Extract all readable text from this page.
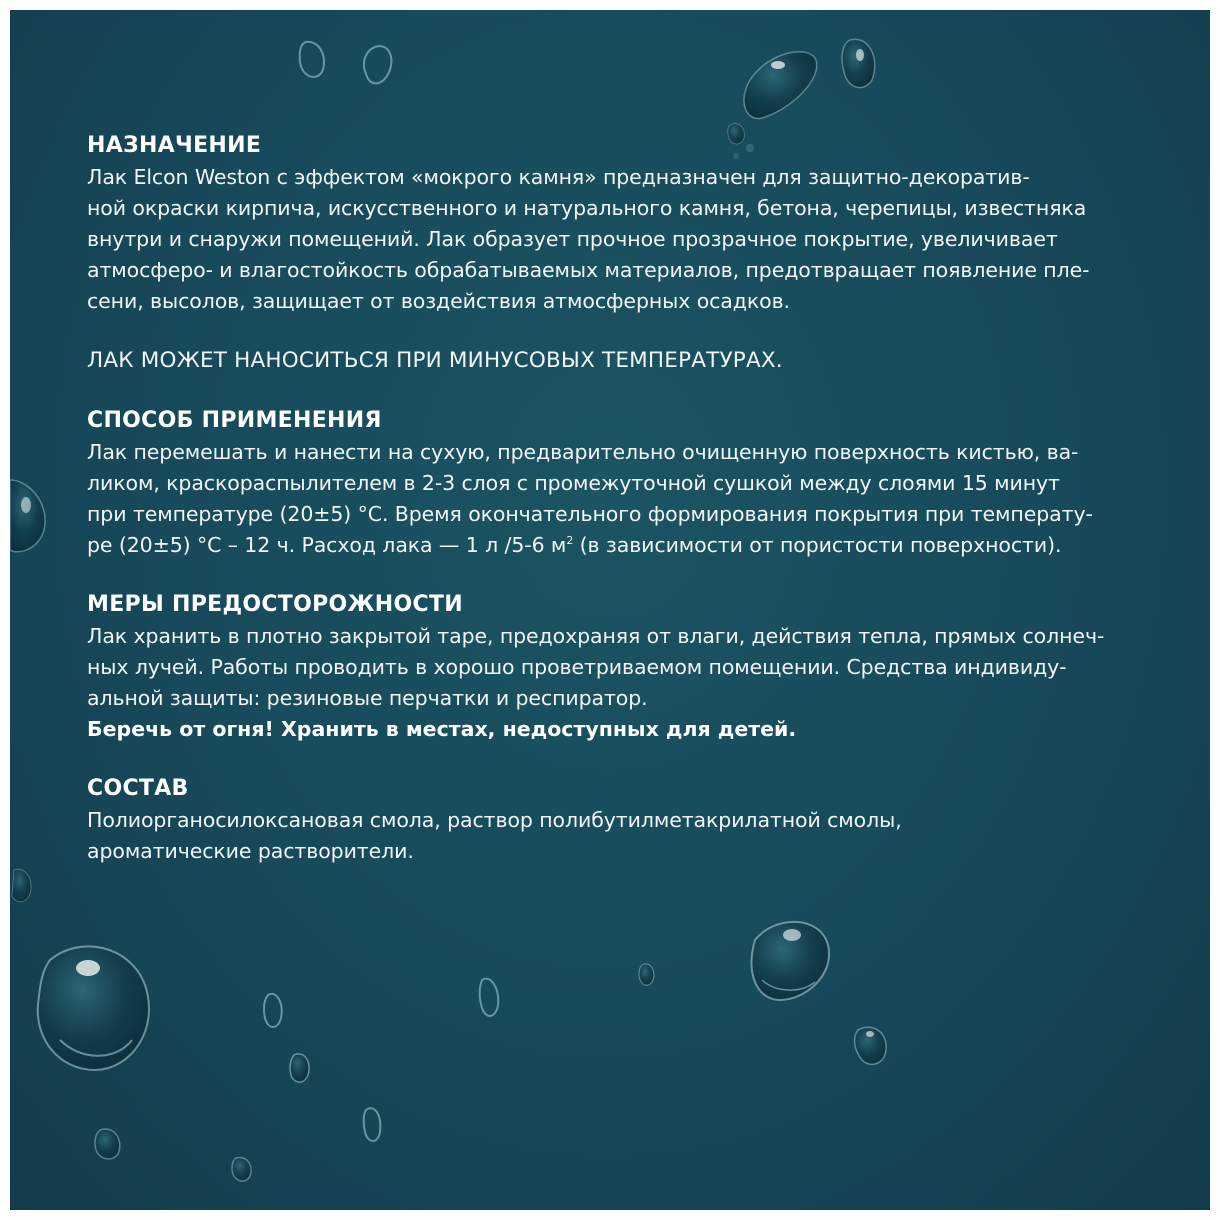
НАЗНАЧЕНИЕ

Лак Elcon Weston с эффектом «мокрого камня» предназначен для защитно-декоратив-

ной окраски кирпича, искусственного и натурального камня, бетона, черепицы, известняка

внутри и снаружи помещений. Лак образует прочное прозрачное покрытие, увеличивает

атмосферо- и влагостойкость обрабатываемых материалов, предотвращает появление пле-

сени, высолов, защищает от воздействия атмосферных осадков.

ЛАК МОЖЕТ НАНОСИТЬСЯ ПРИ МИНУСОВЫХ ТЕМПЕРАТУРАХ.

СПОСОБ ПРИМЕНЕНИЯ

Лак перемешать и нанести на сухую, предварительно очищенную поверхность кистью, ва-

ликом, краскораспылителем в 2-3 слоя с промежуточной сушкой между слоями 15 минут

при температуре (20±5) °С. Время окончательного формирования покрытия при температу-

ре (20±5) °С – 12 ч. Расход лака — 1 л /5-6 $м^2$ (в зависимости от пористости поверхности).

МЕРЫ ПРЕДОСТОРОЖНОСТИ

Лак хранить в плотно закрытой таре, предохраняя от влаги, действия тепла, прямых солнеч-

ных лучей. Работы проводить в хорошо проветриваемом помещении. Средства индивиду-

альной защиты: резиновые перчатки и респиратор.

Беречь от огня! Хранить в местах, недоступных для детей.

СОСТАВ

Полиорганосилоксановая смола, раствор полибутилметакрилатной смолы,

ароматические растворители.
